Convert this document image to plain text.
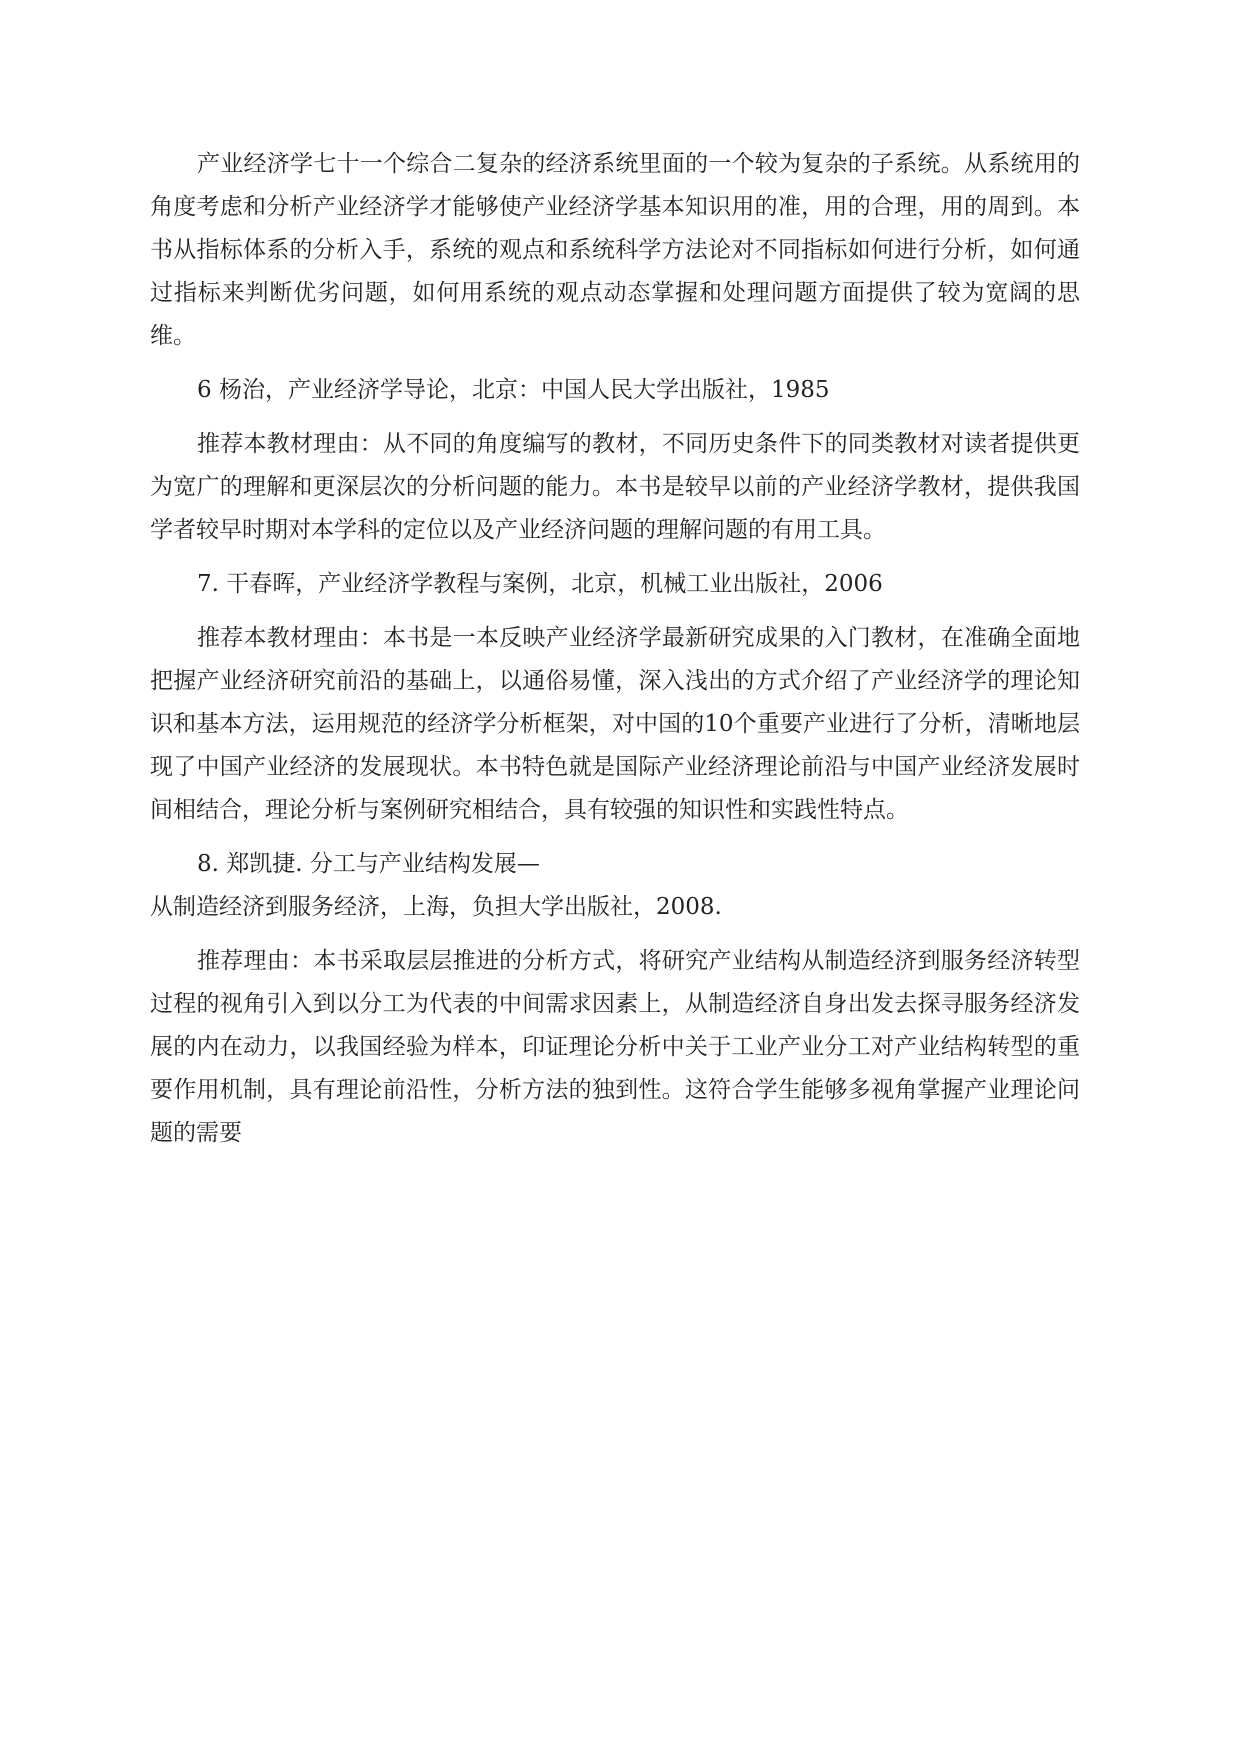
产业经济学七十一个综合二复杂的经济系统里面的一个较为复杂的子系统。从系统用的角度考虑和分析产业经济学才能够使产业经济学基本知识用的准，用的合理，用的周到。本书从指标体系的分析入手，系统的观点和系统科学方法论对不同指标如何进行分析，如何通过指标来判断优劣问题，如何用系统的观点动态掌握和处理问题方面提供了较为宽阔的思维。

6 杨治，产业经济学导论，北京：中国人民大学出版社，1985

推荐本教材理由：从不同的角度编写的教材，不同历史条件下的同类教材对读者提供更为宽广的理解和更深层次的分析问题的能力。本书是较早以前的产业经济学教材，提供我国学者较早时期对本学科的定位以及产业经济问题的理解问题的有用工具。

7. 干春晖，产业经济学教程与案例，北京，机械工业出版社，2006

推荐本教材理由：本书是一本反映产业经济学最新研究成果的入门教材，在准确全面地把握产业经济研究前沿的基础上，以通俗易懂，深入浅出的方式介绍了产业经济学的理论知识和基本方法，运用规范的经济学分析框架，对中国的10个重要产业进行了分析，清晰地层现了中国产业经济的发展现状。本书特色就是国际产业经济理论前沿与中国产业经济发展时间相结合，理论分析与案例研究相结合，具有较强的知识性和实践性特点。

8. 郑凯捷. 分工与产业结构发展—
从制造经济到服务经济，上海，负担大学出版社，2008.

推荐理由：本书采取层层推进的分析方式，将研究产业结构从制造经济到服务经济转型过程的视角引入到以分工为代表的中间需求因素上，从制造经济自身出发去探寻服务经济发展的内在动力，以我国经验为样本，印证理论分析中关于工业产业分工对产业结构转型的重要作用机制，具有理论前沿性，分析方法的独到性。这符合学生能够多视角掌握产业理论问题的需要
